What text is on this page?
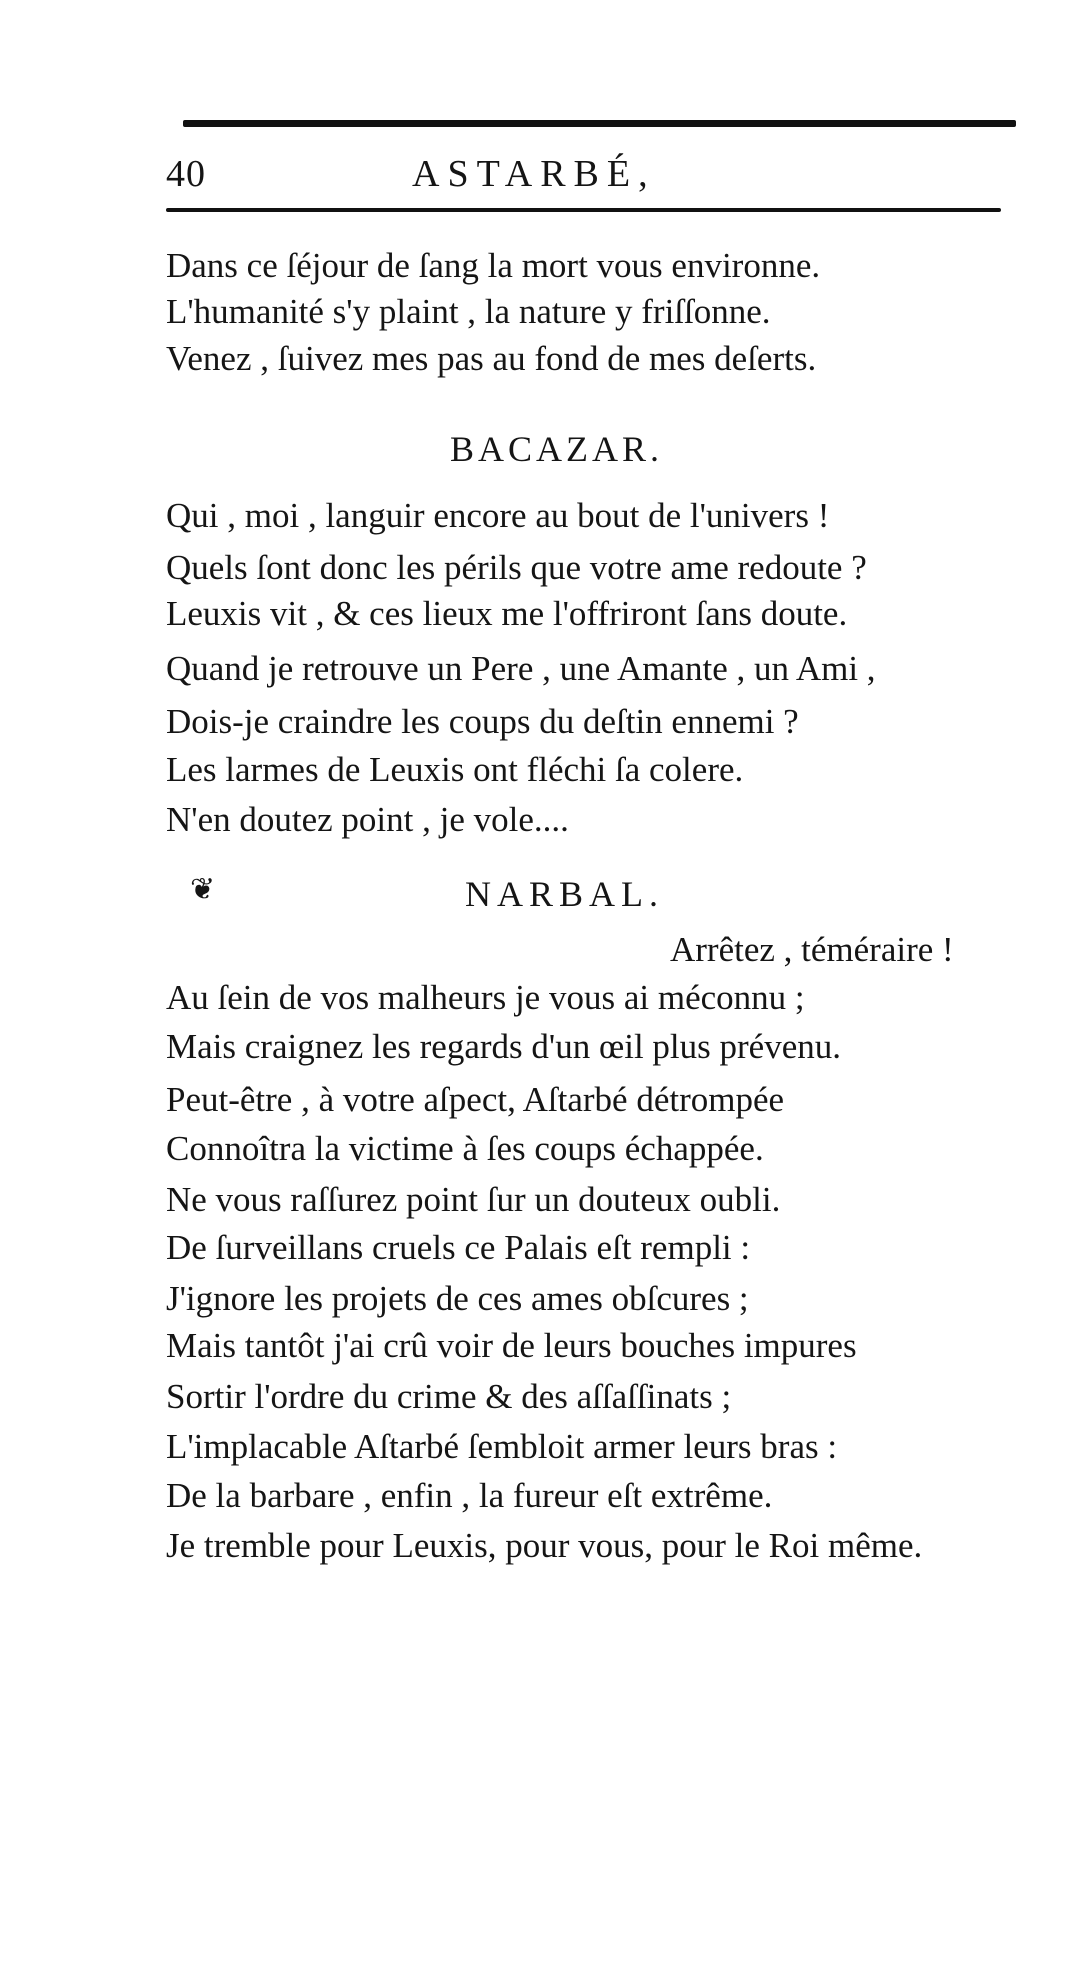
40	ASTARBÉ,
Dans ce ſéjour de ſang la mort vous environne.
L'humanité s'y plaint , la nature y friſſonne.
Venez , ſuivez mes pas au fond de mes deſerts.
BACAZAR.
Qui , moi , languir encore au bout de l'univers !
Quels ſont donc les périls que votre ame redoute ?
Leuxis vit , & ces lieux me l'offriront ſans doute.
Quand je retrouve un Pere , une Amante , un Ami ,
Dois-je craindre les coups du deſtin ennemi ?
Les larmes de Leuxis ont fléchi ſa colere.
N'en doutez point , je vole....
❦	NARBAL.
Arrêtez , téméraire !
Au ſein de vos malheurs je vous ai méconnu ;
Mais craignez les regards d'un œil plus prévenu.
Peut-être , à votre aſpect, Aſtarbé détrompée
Connoîtra la victime à ſes coups échappée.
Ne vous raſſurez point ſur un douteux oubli.
De ſurveillans cruels ce Palais eſt rempli :
J'ignore les projets de ces ames obſcures ;
Mais tantôt j'ai crû voir de leurs bouches impures
Sortir l'ordre du crime & des aſſaſſinats ;
L'implacable Aſtarbé ſembloit armer leurs bras :
De la barbare , enfin , la fureur eſt extrême.
Je tremble pour Leuxis, pour vous, pour le Roi même.
